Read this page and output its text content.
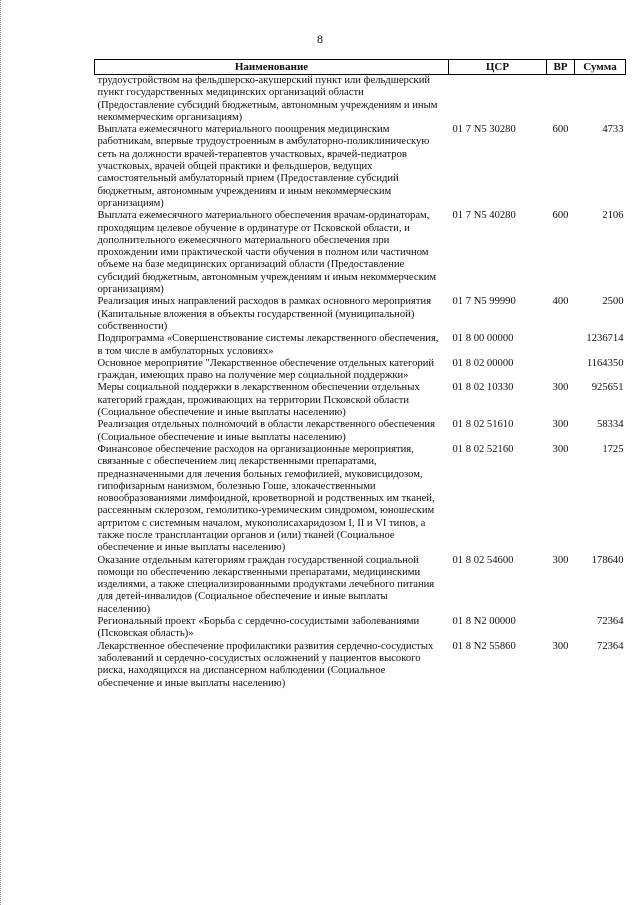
8
Наименование	ЦСР	ВР	Сумма
трудоустройством на фельдшерско-акушерский пункт или фельдшерский пункт государственных медицинских организаций области (Предоставление субсидий бюджетным, автономным учреждениям и иным некоммерческим организациям)			
Выплата ежемесячного материального поощрения медицинским работникам, впервые трудоустроенным в амбулаторно-поликлиническую сеть на должности врачей-терапевтов участковых, врачей-педиатров участковых, врачей общей практики и фельдшеров, ведущих самостоятельный амбулаторный прием (Предоставление субсидий бюджетным, автономным учреждениям и иным некоммерческим организациям)	01 7 N5 30280	600	4733
Выплата ежемесячного материального обеспечения врачам-ординаторам, проходящим целевое обучение в ординатуре от Псковской области, и дополнительного ежемесячного материального обеспечения при прохождении ими практической части обучения в полном или частичном объеме на базе медицинских организаций области (Предоставление субсидий бюджетным, автономным учреждениям и иным некоммерческим организациям)	01 7 N5 40280	600	2106
Реализация иных направлений расходов в рамках основного мероприятия (Капитальные вложения в объекты государственной (муниципальной) собственности)	01 7 N5 99990	400	2500
Подпрограмма «Совершенствование системы лекарственного обеспечения, в том числе в амбулаторных условиях»	01 8 00 00000		1236714
Основное мероприятие "Лекарственное обеспечение отдельных категорий граждан, имеющих право на получение мер социальной поддержки»	01 8 02 00000		1164350
Меры социальной поддержки в лекарственном обеспечении отдельных категорий граждан, проживающих на территории Псковской области (Социальное обеспечение и иные выплаты населению)	01 8 02 10330	300	925651
Реализация отдельных полномочий в области лекарственного обеспечения (Социальное обеспечение и иные выплаты населению)	01 8 02 51610	300	58334
Финансовое обеспечение расходов на организационные мероприятия, связанные с обеспечением лиц лекарственными препаратами, предназначенными для лечения больных гемофилией, муковисцидозом, гипофизарным нанизмом, болезнью Гоше, злокачественными новообразованиями лимфоидной, кроветворной и родственных им тканей, рассеянным склерозом, гемолитико-уремическим синдромом, юношеским артритом с системным началом, мукополисахаридозом I, II и VI типов, а также после трансплантации органов и (или) тканей (Социальное обеспечение и иные выплаты населению)	01 8 02 52160	300	1725
Оказание отдельным категориям граждан государственной социальной помощи по обеспечению лекарственными препаратами, медицинскими изделиями, а также специализированными продуктами лечебного питания для детей-инвалидов (Социальное обеспечение и иные выплаты населению)	01 8 02 54600	300	178640
Региональный проект «Борьба с сердечно-сосудистыми заболеваниями (Псковская область)»	01 8 N2 00000		72364
Лекарственное обеспечение профилактики развития сердечно-сосудистых заболеваний и сердечно-сосудистых осложнений у пациентов высокого риска, находящихся на диспансерном наблюдении (Социальное обеспечение и иные выплаты населению)	01 8 N2 55860	300	72364
